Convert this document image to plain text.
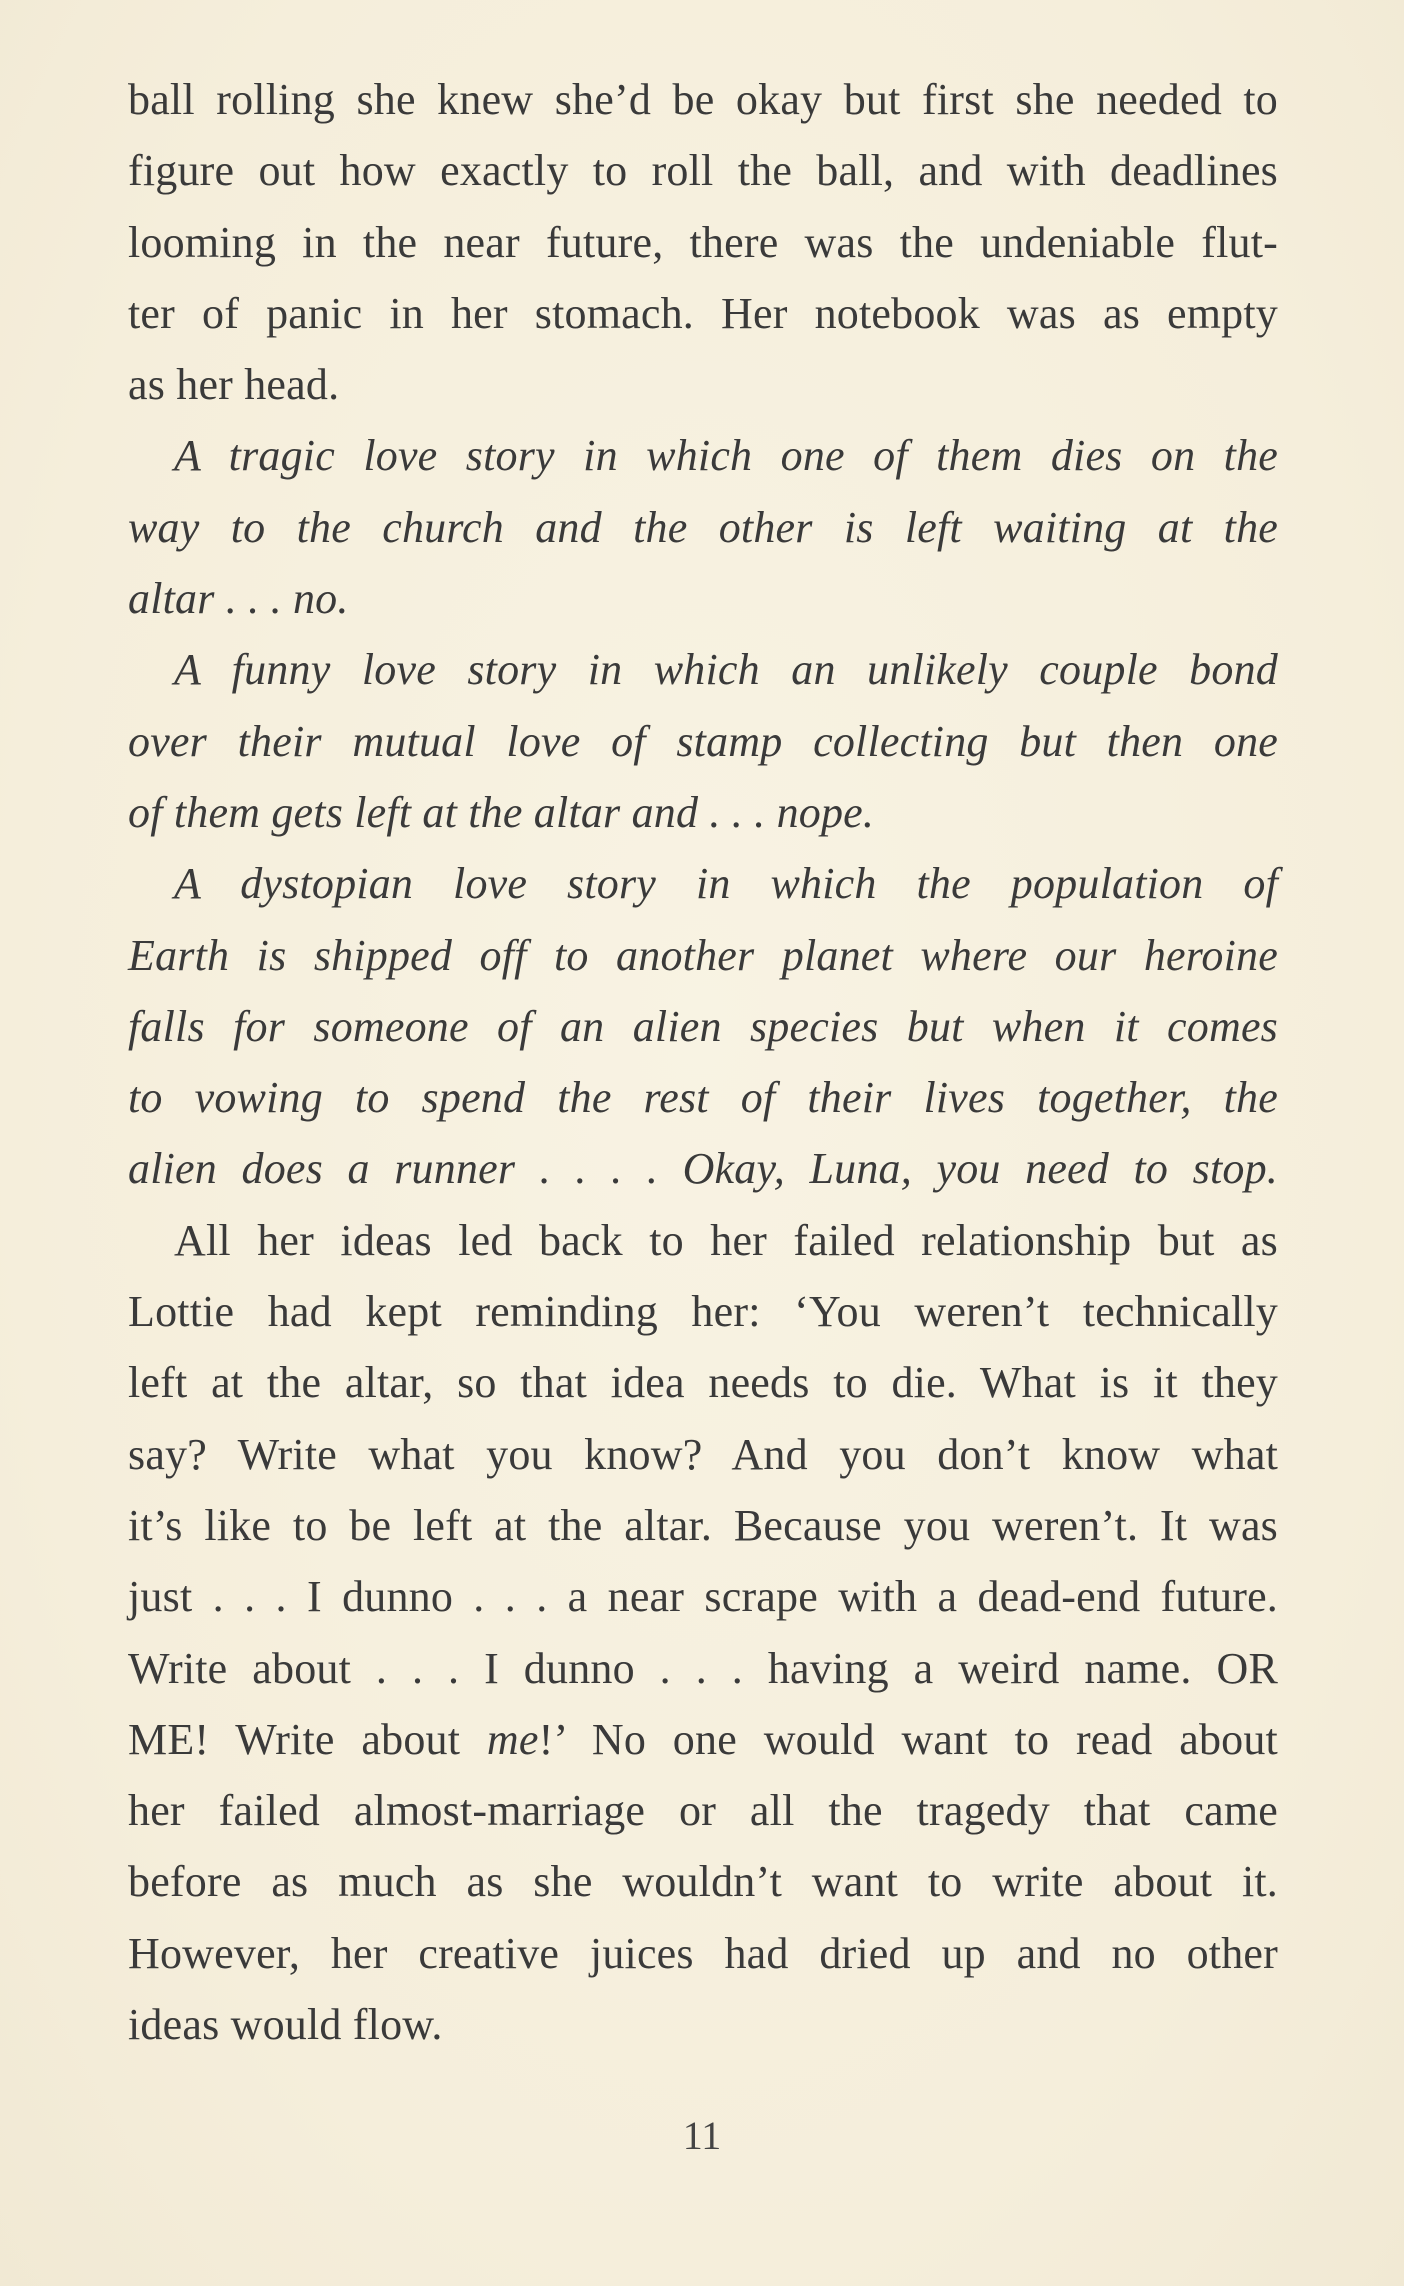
ball rolling she knew she’d be okay but first she needed to
figure out how exactly to roll the ball, and with deadlines
looming in the near future, there was the undeniable flut-
ter of panic in her stomach. Her notebook was as empty
as her head.
A tragic love story in which one of them dies on the
way to the church and the other is left waiting at the
altar . . . no.
A funny love story in which an unlikely couple bond
over their mutual love of stamp collecting but then one
of them gets left at the altar and . . . nope.
A dystopian love story in which the population of
Earth is shipped off to another planet where our heroine
falls for someone of an alien species but when it comes
to vowing to spend the rest of their lives together, the
alien does a runner . . . . Okay, Luna, you need to stop.
All her ideas led back to her failed relationship but as
Lottie had kept reminding her: ‘You weren’t technically
left at the altar, so that idea needs to die. What is it they
say? Write what you know? And you don’t know what
it’s like to be left at the altar. Because you weren’t. It was
just . . . I dunno . . . a near scrape with a dead-end future.
Write about . . . I dunno . . . having a weird name. OR
ME! Write about me!’ No one would want to read about
her failed almost-marriage or all the tragedy that came
before as much as she wouldn’t want to write about it.
However, her creative juices had dried up and no other
ideas would flow.
11
